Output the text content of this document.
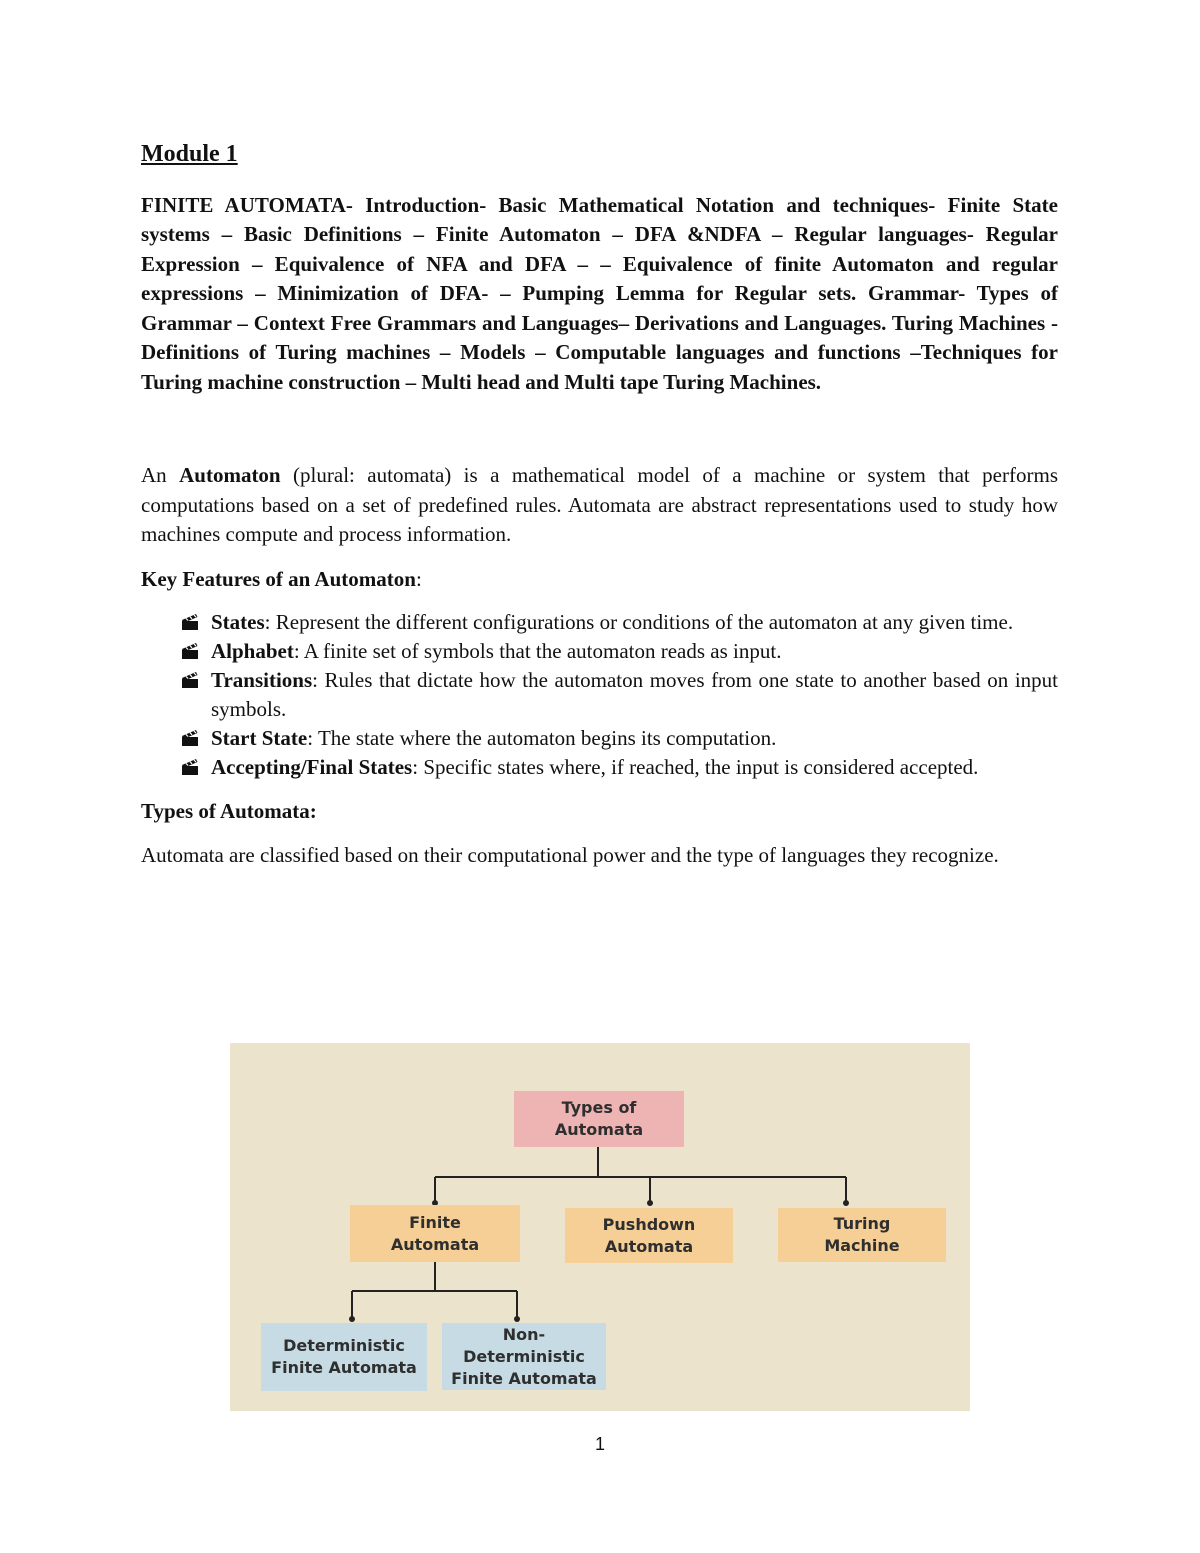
Module 1

FINITE AUTOMATA- Introduction- Basic Mathematical Notation and techniques- Finite State systems – Basic Definitions – Finite Automaton – DFA &NDFA – Regular languages- Regular Expression – Equivalence of NFA and DFA – – Equivalence of finite Automaton and regular expressions – Minimization of DFA- – Pumping Lemma for Regular sets. Grammar- Types of Grammar – Context Free Grammars and Languages– Derivations and Languages. Turing Machines - Definitions of Turing machines – Models – Computable languages and functions –Techniques for Turing machine construction – Multi head and Multi tape Turing Machines.

An Automaton (plural: automata) is a mathematical model of a machine or system that performs computations based on a set of predefined rules. Automata are abstract representations used to study how machines compute and process information.

Key Features of an Automaton:

States: Represent the different configurations or conditions of the automaton at any given time.
Alphabet: A finite set of symbols that the automaton reads as input.
Transitions: Rules that dictate how the automaton moves from one state to another based on input symbols.
Start State: The state where the automaton begins its computation.
Accepting/Final States: Specific states where, if reached, the input is considered accepted.

Types of Automata:

Automata are classified based on their computational power and the type of languages they recognize.

Types of
Automata
Finite
Automata
Pushdown
Automata
Turing
Machine
Deterministic
Finite Automata
Non-Deterministic
Finite Automata
1
